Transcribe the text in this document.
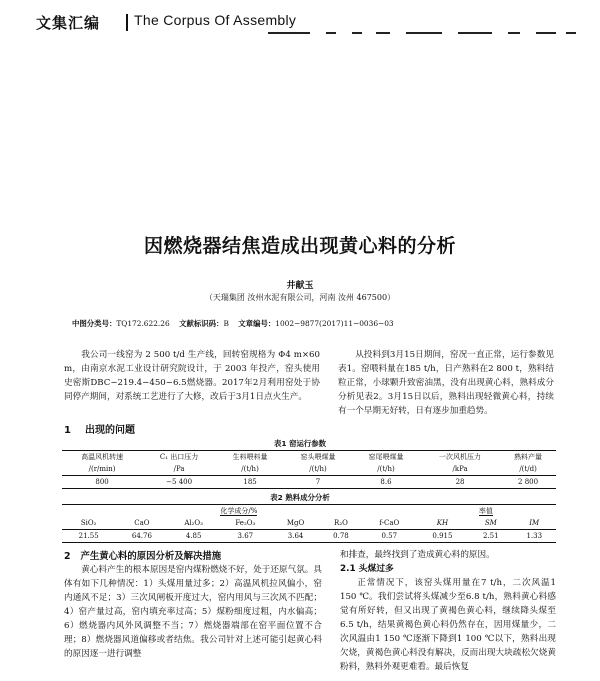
文集汇编 The Corpus Of Assembly
因燃烧器结焦造成出现黄心料的分析
井献玉
（天瑞集团 汝州水泥有限公司，河南 汝州 467500）
中图分类号：TQ172.622.26 文献标识码：B 文章编号：1002−9877(2017)11−0036−03

我公司一线窑为 2 500 t/d 生产线，回转窑规格为 Φ4 m×60 m，由南京水泥工业设计研究院设计，于 2003 年投产，窑头使用史密斯DBC−219.4−450−6.5燃烧器。2017年2月利用窑处于协同停产期间，对系统工艺进行了大修，改后于3月1日点火生产。

1 出现的问题

从投料到3月15日期间，窑况一直正常，运行参数见表1。窑喂料量在185 t/h，日产熟料在2 800 t，熟料结粒正常，小球颗升致密油黑，没有出现黄心料，熟料成分分析见表2。3月15日以后，熟料出现轻微黄心料，持续有一个早期无好转，日有逐步加重趋势。

表1 窑运行参数
高温风机转速	C₁ 出口压力	生料喂料量	窑头喂煤量	窑尾喂煤量	一次风机压力	熟料产量
/(r/min)	/Pa	/(t/h)	/(t/h)	/(t/h)	/kPa	/(t/d)
800	−5 400	185	7	8.6	28	2 800
表2 熟料成分分析
化学成分/%							率值		
SiO₂	CaO	Al₂O₃	Fe₂O₃	MgO	R₂O	f-CaO	KH	SM	IM
21.55	64.76	4.85	3.67	3.64	0.78	0.57	0.915	2.51	1.33
2 产生黄心料的原因分析及解决措施

黄心料产生的根本原因是窑内煤粉燃烧不好，处于还原气氛。具体有如下几种情况：1）头煤用量过多；2）高温风机拉风偏小，窑内通风不足；3）三次风闸板开度过大，窑内用风与三次风不匹配；4）窑产量过高，窑内填充率过高；5）煤粉细度过粗，内水偏高；6）燃烧器内风外风调整不当；7）燃烧器端部在窑平面位置不合理；8）燃烧器风道偏移或者结焦。我公司针对上述可能引起黄心料的原因逐一进行调整

和排查，最终找到了造成黄心料的原因。

2.1 头煤过多

正常情况下，该窑头煤用量在7 t/h，二次风温1 150 ℃。我们尝试将头煤减少至6.8 t/h，熟料黄心料感觉有所好转，但又出现了黄褐色黄心料，继续降头煤至6.5 t/h，结果黄褐色黄心料仍然存在，因用煤量少，二次风温由1 150 ℃逐渐下降到1 100 ℃以下，熟料出现欠烧，黄褐色黄心料没有解决，反而出现大块疏松欠烧黄粉料，熟料外观更难看。最后恢复
